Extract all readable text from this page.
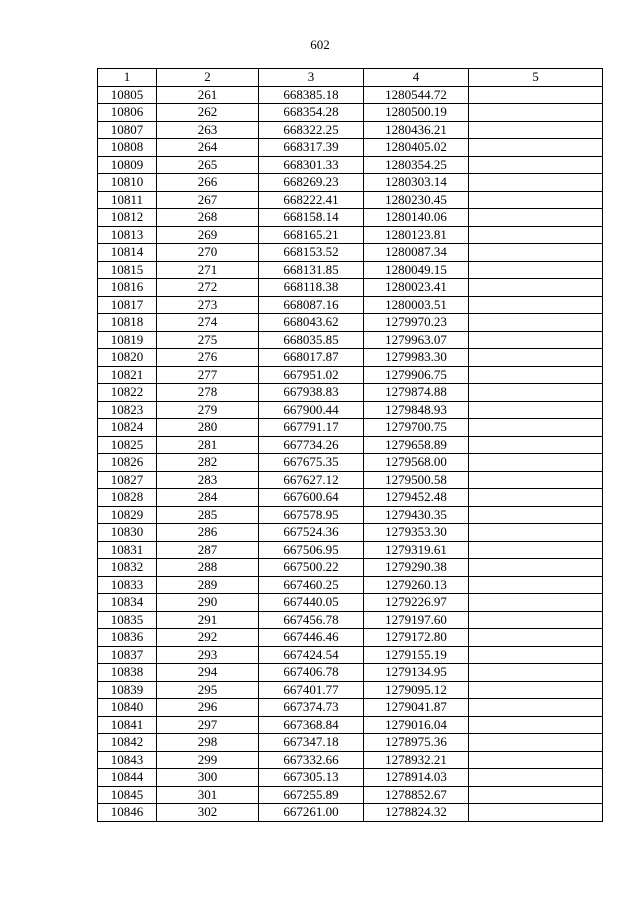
602
1	2	3	4	5
10805	261	668385.18	1280544.72	
10806	262	668354.28	1280500.19	
10807	263	668322.25	1280436.21	
10808	264	668317.39	1280405.02	
10809	265	668301.33	1280354.25	
10810	266	668269.23	1280303.14	
10811	267	668222.41	1280230.45	
10812	268	668158.14	1280140.06	
10813	269	668165.21	1280123.81	
10814	270	668153.52	1280087.34	
10815	271	668131.85	1280049.15	
10816	272	668118.38	1280023.41	
10817	273	668087.16	1280003.51	
10818	274	668043.62	1279970.23	
10819	275	668035.85	1279963.07	
10820	276	668017.87	1279983.30	
10821	277	667951.02	1279906.75	
10822	278	667938.83	1279874.88	
10823	279	667900.44	1279848.93	
10824	280	667791.17	1279700.75	
10825	281	667734.26	1279658.89	
10826	282	667675.35	1279568.00	
10827	283	667627.12	1279500.58	
10828	284	667600.64	1279452.48	
10829	285	667578.95	1279430.35	
10830	286	667524.36	1279353.30	
10831	287	667506.95	1279319.61	
10832	288	667500.22	1279290.38	
10833	289	667460.25	1279260.13	
10834	290	667440.05	1279226.97	
10835	291	667456.78	1279197.60	
10836	292	667446.46	1279172.80	
10837	293	667424.54	1279155.19	
10838	294	667406.78	1279134.95	
10839	295	667401.77	1279095.12	
10840	296	667374.73	1279041.87	
10841	297	667368.84	1279016.04	
10842	298	667347.18	1278975.36	
10843	299	667332.66	1278932.21	
10844	300	667305.13	1278914.03	
10845	301	667255.89	1278852.67	
10846	302	667261.00	1278824.32	
